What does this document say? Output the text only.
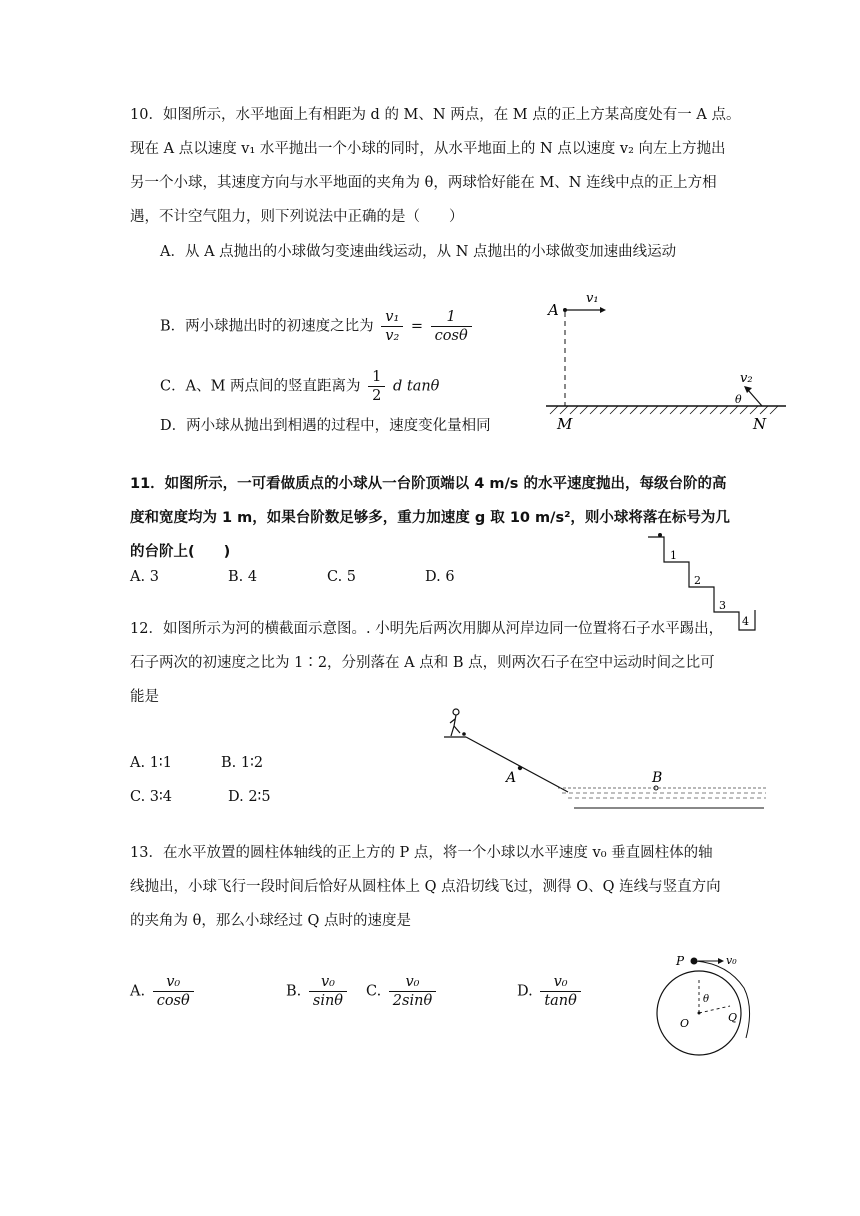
10．如图所示，水平地面上有相距为 d 的 M、N 两点，在 M 点的正上方某高度处有一 A 点。
现在 A 点以速度 v₁ 水平抛出一个小球的同时，从水平地面上的 N 点以速度 v₂ 向左上方抛出
另一个小球，其速度方向与水平地面的夹角为 θ，两球恰好能在 M、N 连线中点的正上方相
遇，不计空气阻力，则下列说法中正确的是（　　）
A．从 A 点抛出的小球做匀变速曲线运动，从 N 点抛出的小球做变加速曲线运动
B．两小球抛出时的初速度之比为 $\frac{\text{v₁}}{\text{v₂}} = \frac{1}{\cos\theta}$
C．A、M 两点间的竖直距离为 $\frac{1}{2}$ d tanθ
D．两小球从抛出到相遇的过程中，速度变化量相同
A
v₁
v₂
θ
M	N
11．如图所示，一可看做质点的小球从一台阶顶端以 4 m/s 的水平速度抛出，每级台阶的高
度和宽度均为 1 m，如果台阶数足够多，重力加速度 g 取 10 m/s²，则小球将落在标号为几
的台阶上(　　)
A. 3	B. 4	C. 5	D. 6
1
2
3
4
12．如图所示为河的横截面示意图。. 小明先后两次用脚从河岸边同一位置将石子水平踢出，
石子两次的初速度之比为 1∶2，分别落在 A 点和 B 点，则两次石子在空中运动时间之比可
能是
A. 1∶1	B. 1∶2
C. 3∶4	D. 2∶5
A	B
13．在水平放置的圆柱体轴线的正上方的 P 点，将一个小球以水平速度 v₀ 垂直圆柱体的轴
线抛出，小球飞行一段时间后恰好从圆柱体上 Q 点沿切线飞过，测得 O、Q 连线与竖直方向
的夹角为 θ，那么小球经过 Q 点时的速度是
A. $\frac{\text{v₀}}{\cos\theta}$	B. $\frac{\text{v₀}}{\sin\theta} C$. $\frac{\text{v₀}}{2\sin\theta}$	D. $\frac{\text{v₀}}{\tan\theta}$
P	v₀
O
θ
Q
